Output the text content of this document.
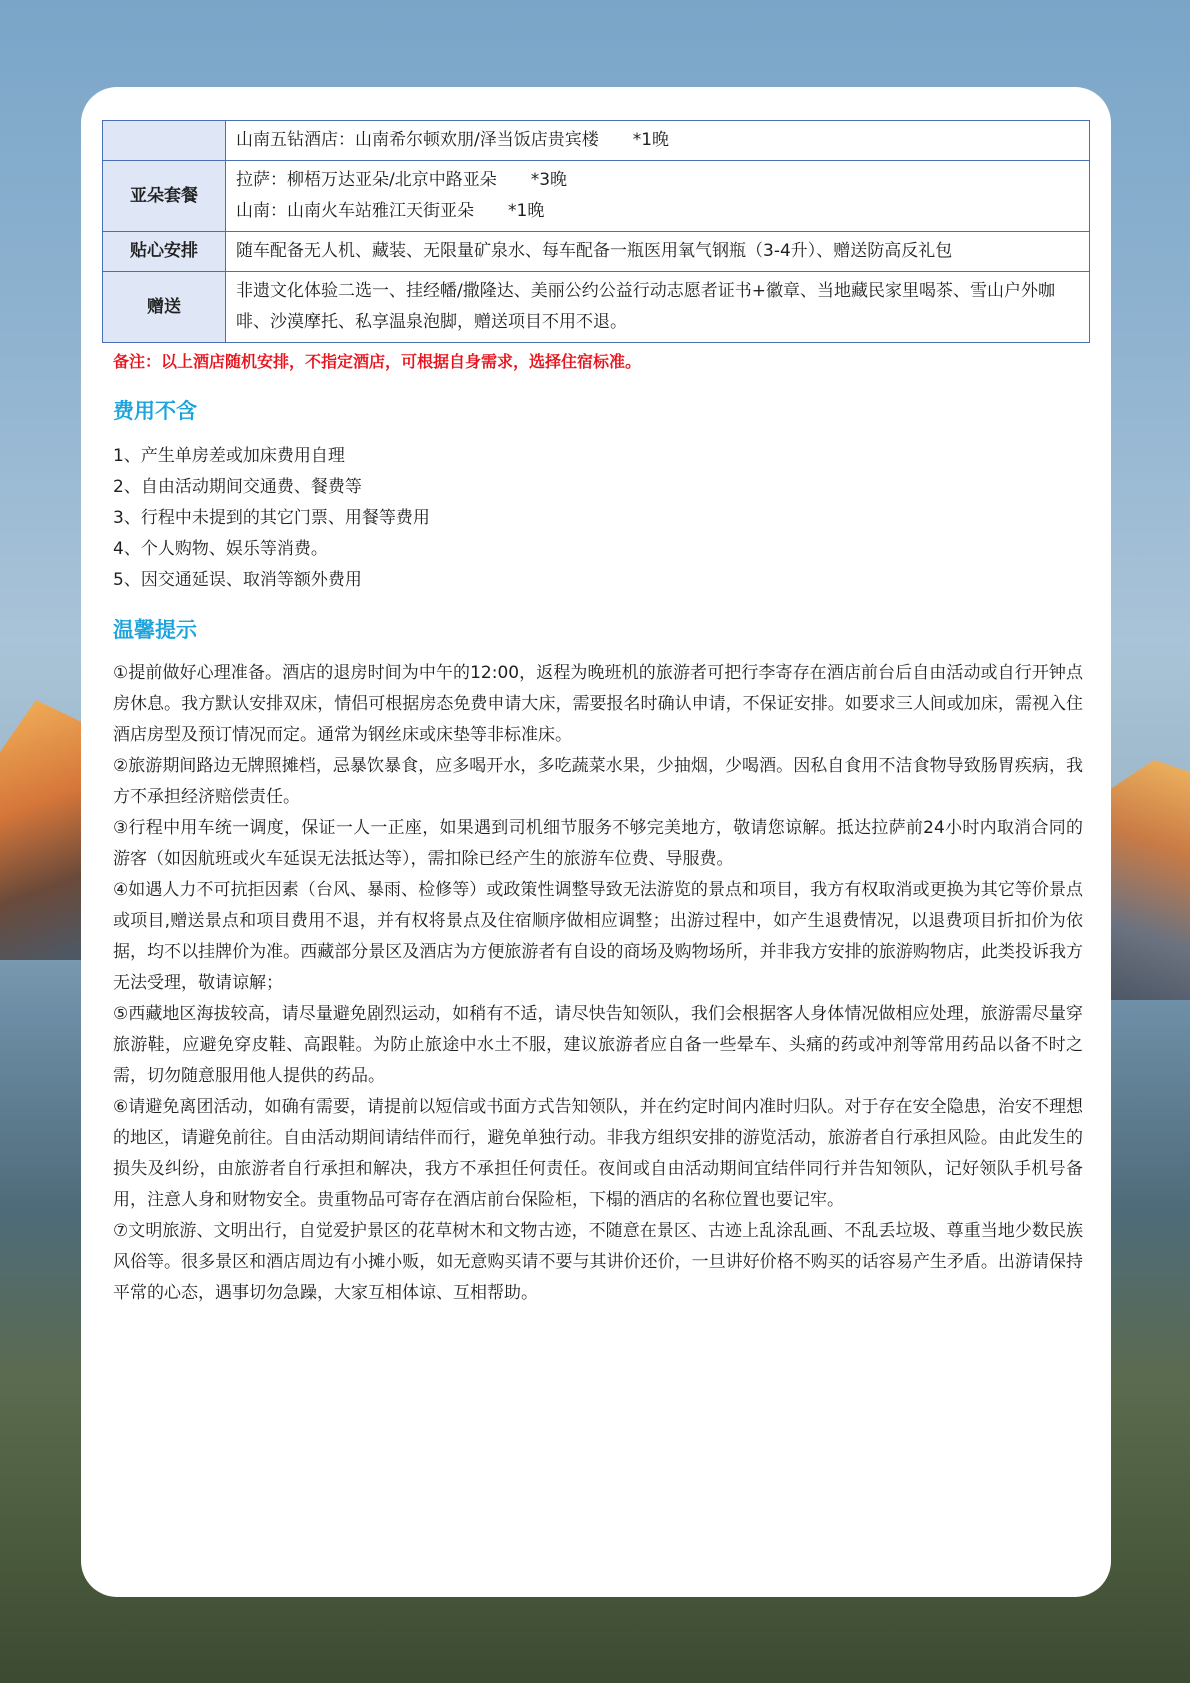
	山南五钻酒店：山南希尔顿欢朋/泽当饭店贵宾楼　　*1晚

亚朵套餐	拉萨：柳梧万达亚朵/北京中路亚朵　　*3晚
山南：山南火车站雅江天街亚朵　　*1晚

贴心安排	随车配备无人机、藏装、无限量矿泉水、每车配备一瓶医用氧气钢瓶（3-4升）、赠送防高反礼包

赠送	非遗文化体验二选一、挂经幡/撒隆达、美丽公约公益行动志愿者证书+徽章、当地藏民家里喝茶、雪山户外咖啡、沙漠摩托、私享温泉泡脚，赠送项目不用不退。
备注：以上酒店随机安排，不指定酒店，可根据自身需求，选择住宿标准。
费用不含
1、产生单房差或加床费用自理
2、自由活动期间交通费、餐费等
3、行程中未提到的其它门票、用餐等费用
4、个人购物、娱乐等消费。
5、因交通延误、取消等额外费用
温馨提示

①提前做好心理准备。酒店的退房时间为中午的12:00，返程为晚班机的旅游者可把行李寄存在酒店前台后自由活动或自行开钟点房休息。我方默认安排双床，情侣可根据房态免费申请大床，需要报名时确认申请，不保证安排。如要求三人间或加床，需视入住酒店房型及预订情况而定。通常为钢丝床或床垫等非标准床。

②旅游期间路边无牌照摊档，忌暴饮暴食，应多喝开水，多吃蔬菜水果，少抽烟，少喝酒。因私自食用不洁食物导致肠胃疾病，我方不承担经济赔偿责任。

③行程中用车统一调度，保证一人一正座，如果遇到司机细节服务不够完美地方，敬请您谅解。抵达拉萨前24小时内取消合同的游客（如因航班或火车延误无法抵达等），需扣除已经产生的旅游车位费、导服费。

④如遇人力不可抗拒因素（台风、暴雨、检修等）或政策性调整导致无法游览的景点和项目，我方有权取消或更换为其它等价景点或项目,赠送景点和项目费用不退，并有权将景点及住宿顺序做相应调整；出游过程中，如产生退费情况，以退费项目折扣价为依据，均不以挂牌价为准。西藏部分景区及酒店为方便旅游者有自设的商场及购物场所，并非我方安排的旅游购物店，此类投诉我方无法受理，敬请谅解；

⑤西藏地区海拔较高，请尽量避免剧烈运动，如稍有不适，请尽快告知领队，我们会根据客人身体情况做相应处理，旅游需尽量穿旅游鞋，应避免穿皮鞋、高跟鞋。为防止旅途中水土不服，建议旅游者应自备一些晕车、头痛的药或冲剂等常用药品以备不时之需，切勿随意服用他人提供的药品。

⑥请避免离团活动，如确有需要，请提前以短信或书面方式告知领队，并在约定时间内准时归队。对于存在安全隐患，治安不理想的地区，请避免前往。自由活动期间请结伴而行，避免单独行动。非我方组织安排的游览活动，旅游者自行承担风险。由此发生的损失及纠纷，由旅游者自行承担和解决，我方不承担任何责任。夜间或自由活动期间宜结伴同行并告知领队，记好领队手机号备用，注意人身和财物安全。贵重物品可寄存在酒店前台保险柜，下榻的酒店的名称位置也要记牢。

⑦文明旅游、文明出行，自觉爱护景区的花草树木和文物古迹，不随意在景区、古迹上乱涂乱画、不乱丢垃圾、尊重当地少数民族风俗等。很多景区和酒店周边有小摊小贩，如无意购买请不要与其讲价还价，一旦讲好价格不购买的话容易产生矛盾。出游请保持平常的心态，遇事切勿急躁，大家互相体谅、互相帮助。
